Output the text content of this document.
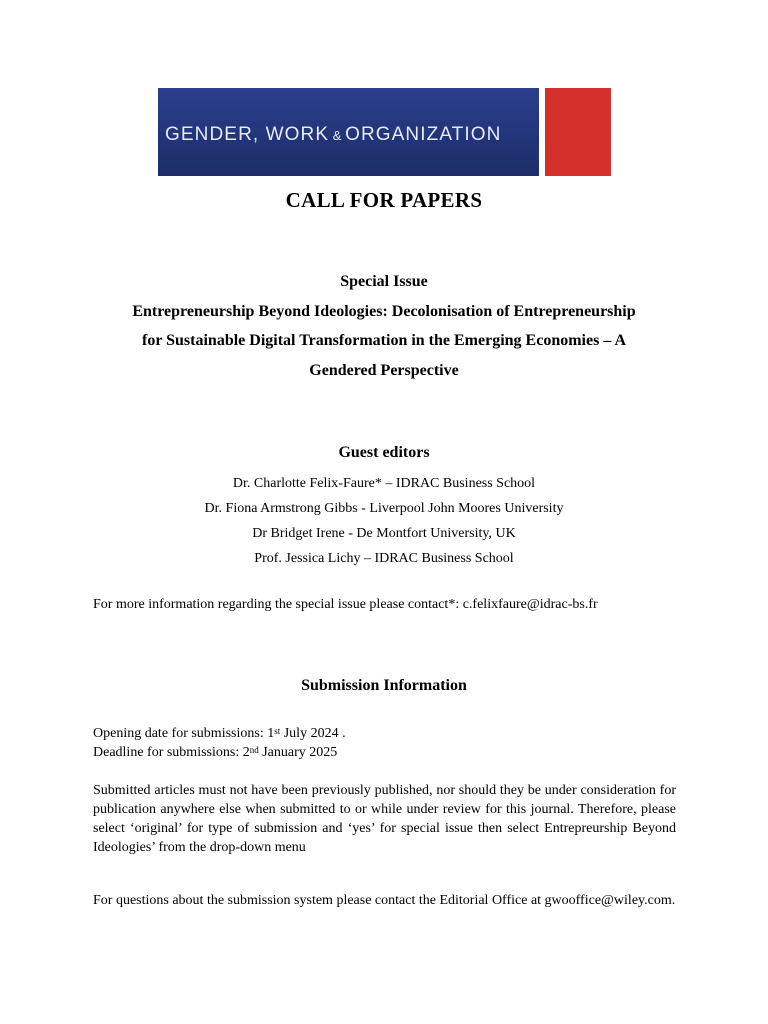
GENDER, WORK & ORGANIZATION
CALL FOR PAPERS
Special Issue
Entrepreneurship Beyond Ideologies: Decolonisation of Entrepreneurship
for Sustainable Digital Transformation in the Emerging Economies – A
Gendered Perspective
Guest editors
Dr. Charlotte Felix-Faure* – IDRAC Business School
Dr. Fiona Armstrong Gibbs - Liverpool John Moores University
Dr Bridget Irene - De Montfort University, UK
Prof. Jessica Lichy – IDRAC Business School
For more information regarding the special issue please contact*: c.felixfaure@idrac-bs.fr
Submission Information
Opening date for submissions: 1st July 2024 .
Deadline for submissions: 2nd January 2025
Submitted articles must not have been previously published, nor should they be under consideration for publication anywhere else when submitted to or while under review for this journal. Therefore, please select ‘original’ for type of submission and ‘yes’ for special issue then select Entrepreurship Beyond Ideologies’ from the drop-down menu
For questions about the submission system please contact the Editorial Office at gwooffice@wiley.com.
